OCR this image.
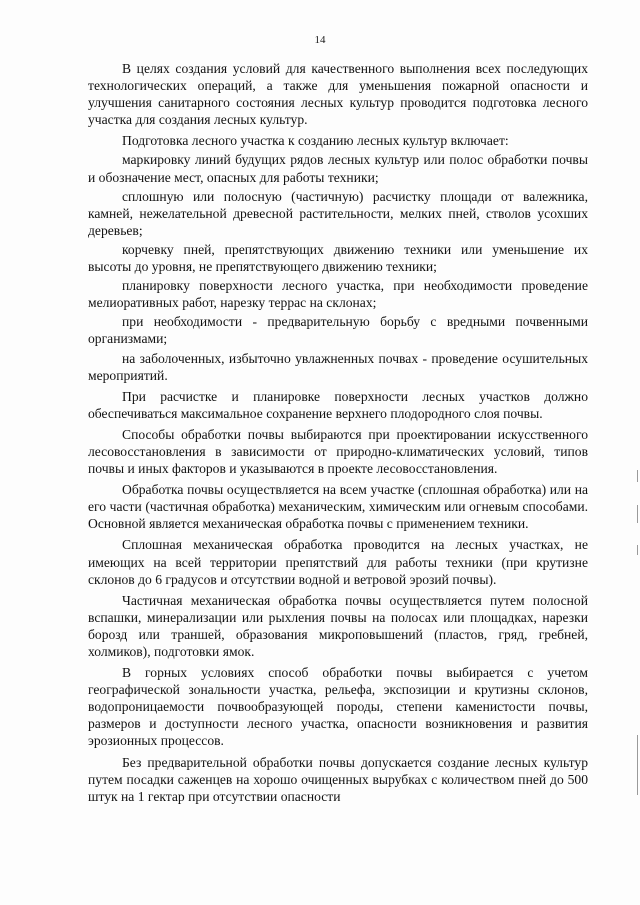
14

В целях создания условий для качественного выполнения всех последующих технологических операций, а также для уменьшения пожарной опасности и улучшения санитарного состояния лесных культур проводится подготовка лесного участка для создания лесных культур.

Подготовка лесного участка к созданию лесных культур включает:

маркировку линий будущих рядов лесных культур или полос обработки почвы и обозначение мест, опасных для работы техники;

сплошную или полосную (частичную) расчистку площади от валежника, камней, нежелательной древесной растительности, мелких пней, стволов усохших деревьев;

корчевку пней, препятствующих движению техники или уменьшение их высоты до уровня, не препятствующего движению техники;

планировку поверхности лесного участка, при необходимости проведение мелиоративных работ, нарезку террас на склонах;

при необходимости - предварительную борьбу с вредными почвенными организмами;

на заболоченных, избыточно увлажненных почвах - проведение осушительных мероприятий.

При расчистке и планировке поверхности лесных участков должно обеспечиваться максимальное сохранение верхнего плодородного слоя почвы.

Способы обработки почвы выбираются при проектировании искусственного лесовосстановления в зависимости от природно-климатических условий, типов почвы и иных факторов и указываются в проекте лесовосстановления.

Обработка почвы осуществляется на всем участке (сплошная обработка) или на его части (частичная обработка) механическим, химическим или огневым способами. Основной является механическая обработка почвы с применением техники.

Сплошная механическая обработка проводится на лесных участках, не имеющих на всей территории препятствий для работы техники (при крутизне склонов до 6 градусов и отсутствии водной и ветровой эрозий почвы).

Частичная механическая обработка почвы осуществляется путем полосной вспашки, минерализации или рыхления почвы на полосах или площадках, нарезки борозд или траншей, образования микроповышений (пластов, гряд, гребней, холмиков), подготовки ямок.

В горных условиях способ обработки почвы выбирается с учетом географической зональности участка, рельефа, экспозиции и крутизны склонов, водопроницаемости почвообразующей породы, степени каменистости почвы, размеров и доступности лесного участка, опасности возникновения и развития эрозионных процессов.

Без предварительной обработки почвы допускается создание лесных культур путем посадки саженцев на хорошо очищенных вырубках с количеством пней до 500 штук на 1 гектар при отсутствии опасности
